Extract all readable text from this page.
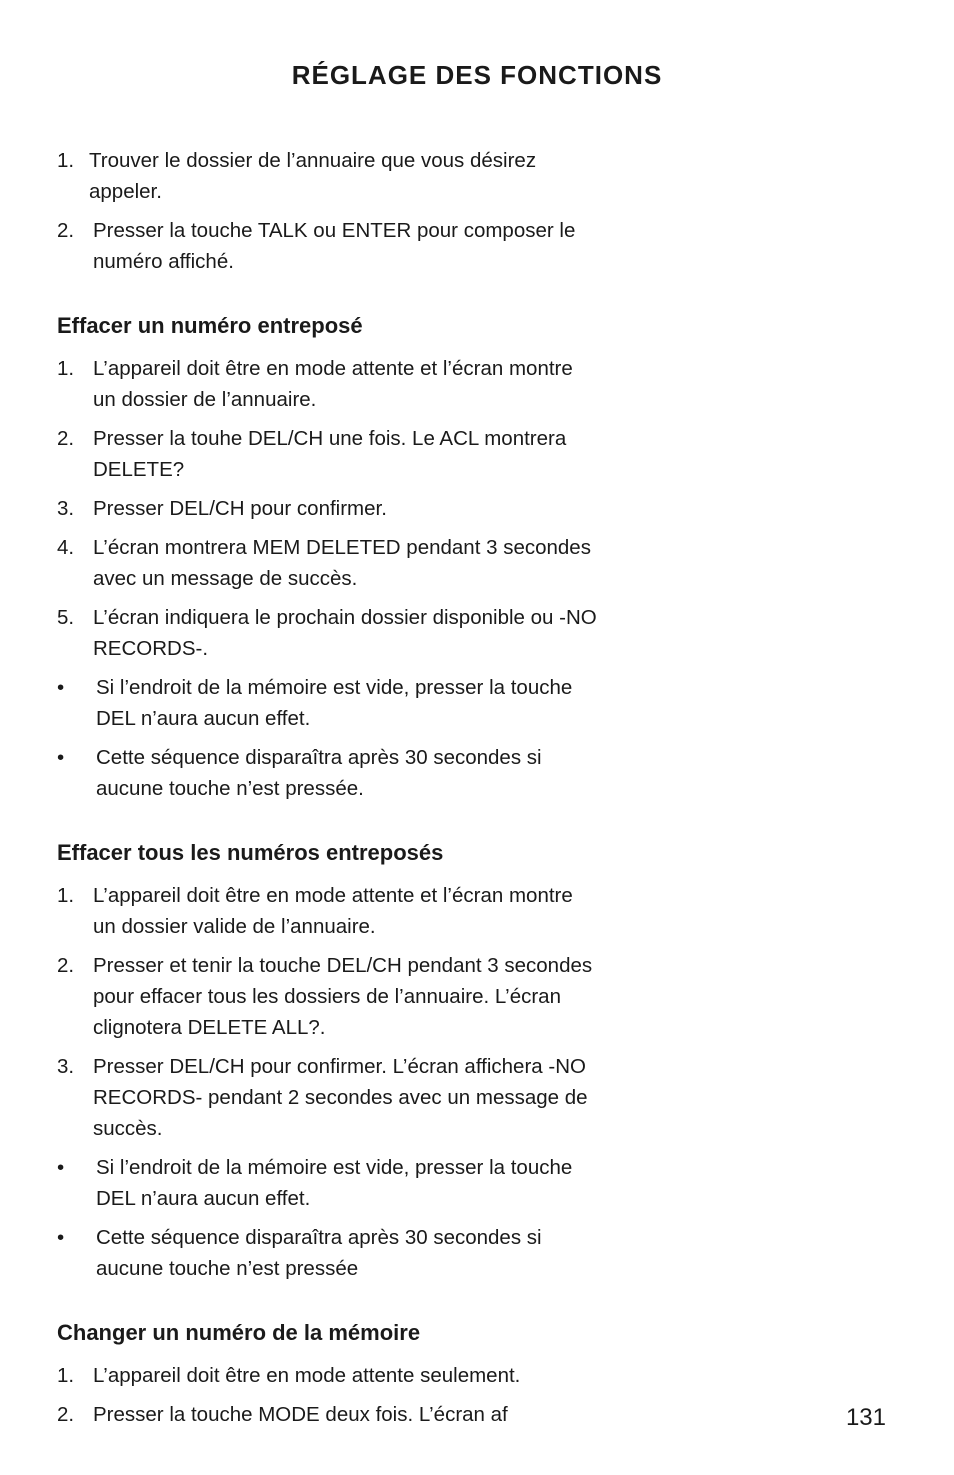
RÉGLAGE DES FONCTIONS
1. Trouver le dossier de l’annuaire que vous désirez appeler.
2. Presser la touche TALK ou ENTER pour composer le numéro affiché.
Effacer un numéro entreposé
1. L’appareil doit être en mode attente et l’écran montre un dossier de l’annuaire.
2. Presser la touhe DEL/CH une fois. Le ACL montrera DELETE?
3. Presser DEL/CH pour confirmer.
4. L’écran montrera MEM DELETED pendant 3 secondes avec un message de succès.
5. L’écran indiquera le prochain dossier disponible ou -NO RECORDS-.
•	Si l’endroit de la mémoire est vide, presser la touche DEL n’aura aucun effet.
•	Cette séquence disparaîtra après 30 secondes si aucune touche n’est pressée.
Effacer tous les numéros entreposés
1. L’appareil doit être en mode attente et l’écran montre un dossier valide de l’annuaire.
2. Presser et tenir la touche DEL/CH pendant 3 secondes pour effacer tous les dossiers de l’annuaire. L’écran clignotera DELETE ALL?.
3. Presser DEL/CH pour confirmer. L’écran affichera -NO RECORDS- pendant 2 secondes avec un message de succès.
•	Si l’endroit de la mémoire est vide, presser la touche DEL n’aura aucun effet.
•	Cette séquence disparaîtra après 30 secondes si aucune touche n’est pressée
Changer un numéro de la mémoire
1. L’appareil doit être en mode attente seulement.
2. Presser la touche MODE deux fois. L’écran af	131
